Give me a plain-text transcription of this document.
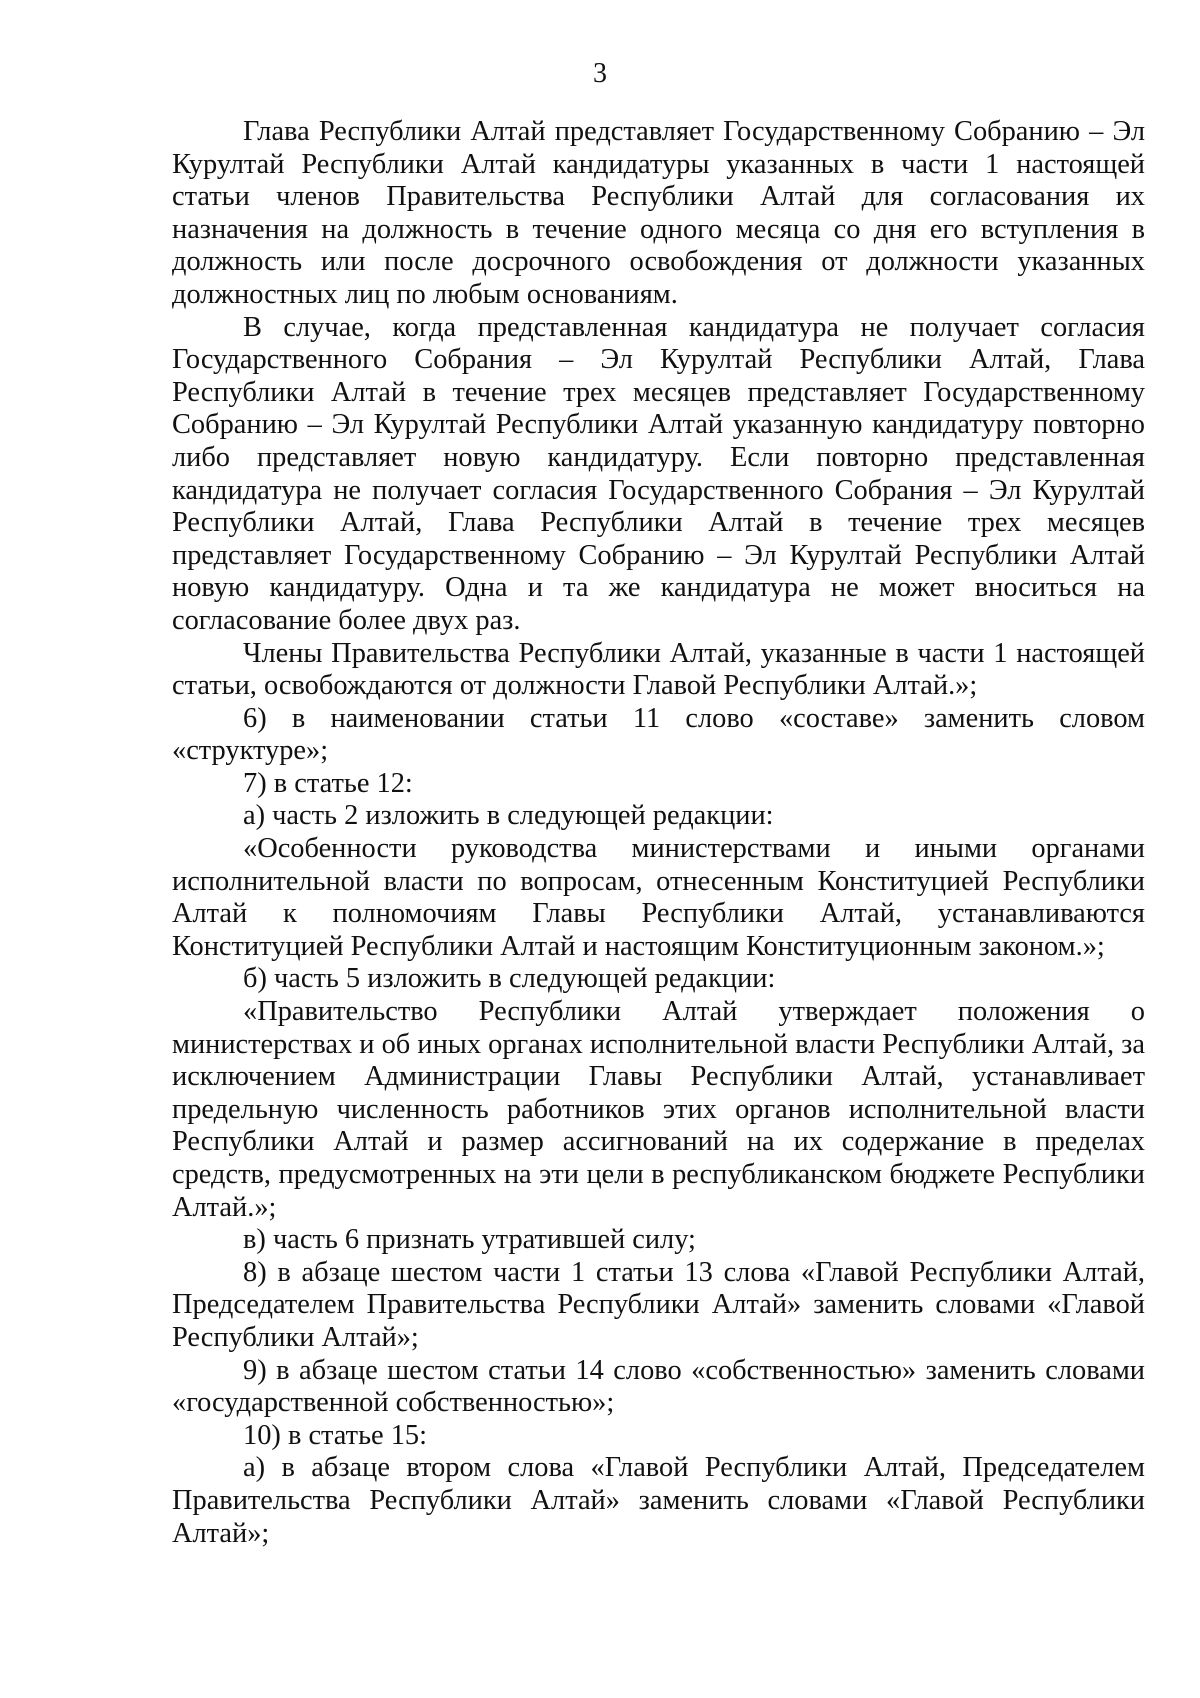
3

Глава Республики Алтай представляет Государственному Собранию – Эл Курултай Республики Алтай кандидатуры указанных в части 1 настоящей статьи членов Правительства Республики Алтай для согласования их назначения на должность в течение одного месяца со дня его вступления в должность или после досрочного освобождения от должности указанных должностных лиц по любым основаниям.

В случае, когда представленная кандидатура не получает согласия Государственного Собрания – Эл Курултай Республики Алтай, Глава Республики Алтай в течение трех месяцев представляет Государственному Собранию – Эл Курултай Республики Алтай указанную кандидатуру повторно либо представляет новую кандидатуру. Если повторно представленная кандидатура не получает согласия Государственного Собрания – Эл Курултай Республики Алтай, Глава Республики Алтай в течение трех месяцев представляет Государственному Собранию – Эл Курултай Республики Алтай новую кандидатуру. Одна и та же кандидатура не может вноситься на согласование более двух раз.

Члены Правительства Республики Алтай, указанные в части 1 настоящей статьи, освобождаются от должности Главой Республики Алтай.»;

6) в наименовании статьи 11 слово «составе» заменить словом «структуре»;

7) в статье 12:

а) часть 2 изложить в следующей редакции:

«Особенности руководства министерствами и иными органами исполнительной власти по вопросам, отнесенным Конституцией Республики Алтай к полномочиям Главы Республики Алтай, устанавливаются Конституцией Республики Алтай и настоящим Конституционным законом.»;

б) часть 5 изложить в следующей редакции:

«Правительство Республики Алтай утверждает положения о министерствах и об иных органах исполнительной власти Республики Алтай, за исключением Администрации Главы Республики Алтай, устанавливает предельную численность работников этих органов исполнительной власти Республики Алтай и размер ассигнований на их содержание в пределах средств, предусмотренных на эти цели в республиканском бюджете Республики Алтай.»;

в) часть 6 признать утратившей силу;

8) в абзаце шестом части 1 статьи 13 слова «Главой Республики Алтай, Председателем Правительства Республики Алтай» заменить словами «Главой Республики Алтай»;

9) в абзаце шестом статьи 14 слово «собственностью» заменить словами «государственной собственностью»;

10) в статье 15:

а) в абзаце втором слова «Главой Республики Алтай, Председателем Правительства Республики Алтай» заменить словами «Главой Республики Алтай»;
